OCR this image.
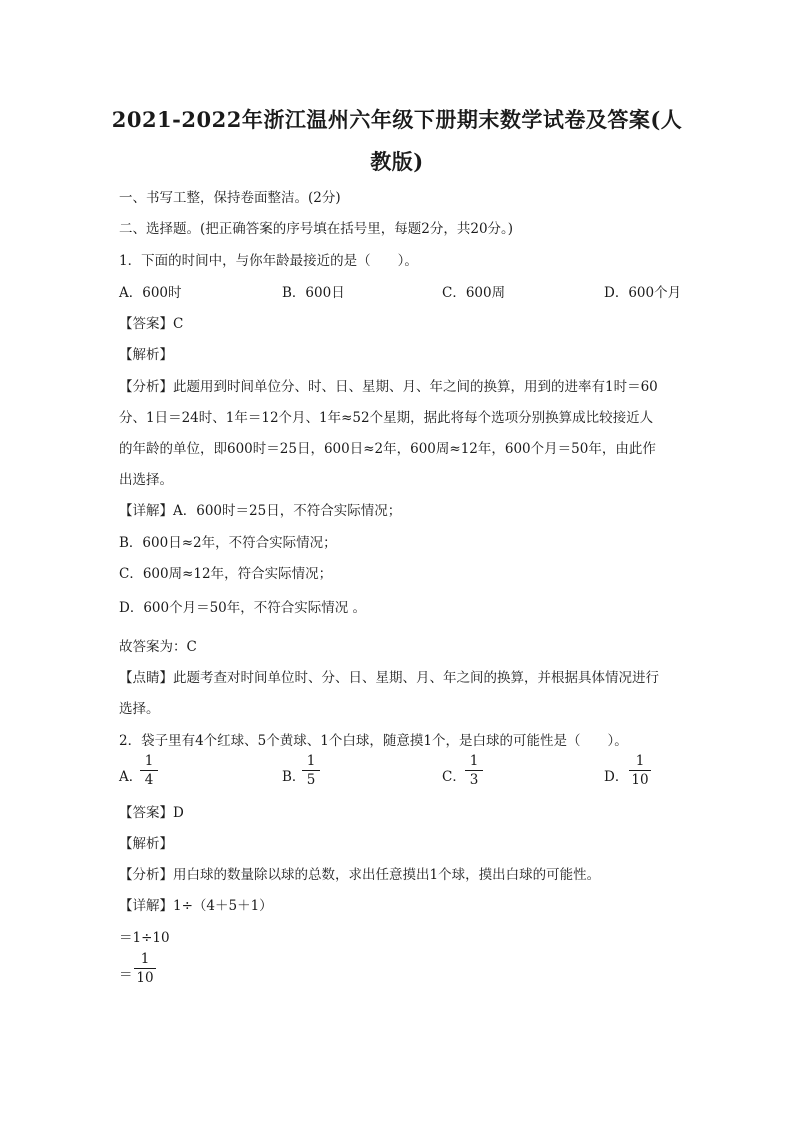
2021-2022年浙江温州六年级下册期末数学试卷及答案(人
教版)
一、书写工整，保持卷面整洁。(2分)
二、选择题。(把正确答案的序号填在括号里，每题2分，共20分。)
1．下面的时间中，与你年龄最接近的是（　　）。
A．600时	B．600日	C．600周	D．600个月
【答案】C
【解析】
【分析】此题用到时间单位分、时、日、星期、月、年之间的换算，用到的进率有1时＝60
分、1日＝24时、1年＝12个月、1年≈52个星期，据此将每个选项分别换算成比较接近人
的年龄的单位，即600时＝25日，600日≈2年，600周≈12年，600个月＝50年，由此作
出选择。
【详解】A．600时＝25日，不符合实际情况；
B．600日≈2年，不符合实际情况；
C．600周≈12年，符合实际情况；
D．600个月＝50年，不符合实际情况 。
故答案为：C
【点睛】此题考查对时间单位时、分、日、星期、月、年之间的换算，并根据具体情况进行
选择。
2．袋子里有4个红球、5个黄球、1个白球，随意摸1个，是白球的可能性是（　　）。
A．
1
4	B．
1
5	C．
1
3	D．
1
10
【答案】D
【解析】
【分析】用白球的数量除以球的总数，求出任意摸出1个球，摸出白球的可能性。
【详解】1÷（4＋5＋1）
＝1÷10
＝
1
10
